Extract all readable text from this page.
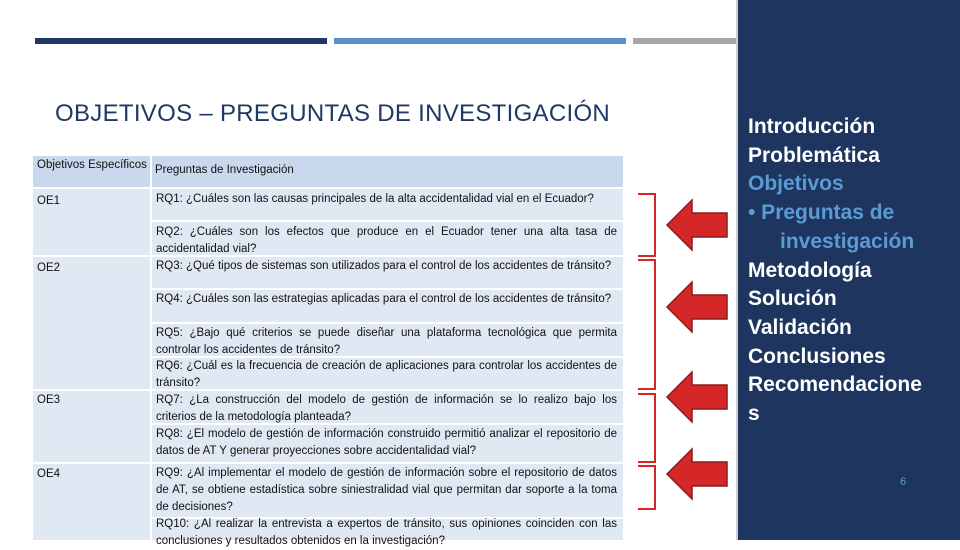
OBJETIVOS – PREGUNTAS DE INVESTIGACIÓN
Objetivos Específicos Preguntas de Investigación
OE1
OE2
OE3
OE4
RQ1: ¿Cuáles son las causas principales de la alta accidentalidad vial en el Ecuador?
RQ2: ¿Cuáles son los efectos que produce en el Ecuador tener una alta tasa de accidentalidad vial?
RQ3: ¿Qué tipos de sistemas son utilizados para el control de los accidentes de tránsito?
RQ4: ¿Cuáles son las estrategias aplicadas para el control de los accidentes de tránsito?
RQ5: ¿Bajo qué criterios se puede diseñar una plataforma tecnológica que permita controlar los accidentes de tránsito?
RQ6: ¿Cuál es la frecuencia de creación de aplicaciones para controlar los accidentes de tránsito?
RQ7: ¿La construcción del modelo de gestión de información se lo realizo bajo los criterios de la metodología planteada?
RQ8: ¿El modelo de gestión de información construido permitió analizar el repositorio de datos de AT Y generar proyecciones sobre accidentalidad vial?
RQ9: ¿Al implementar el modelo de gestión de información sobre el repositorio de datos de AT, se obtiene estadística sobre siniestralidad vial que permitan dar soporte a la toma de decisiones?
RQ10: ¿Al realizar la entrevista a expertos de tránsito, sus opiniones coinciden con las conclusiones y resultados obtenidos en la investigación?
Introducción
Problemática
Objetivos
• Preguntas de
investigación
Metodología
Solución
Validación
Conclusiones
Recomendacione
s
6
